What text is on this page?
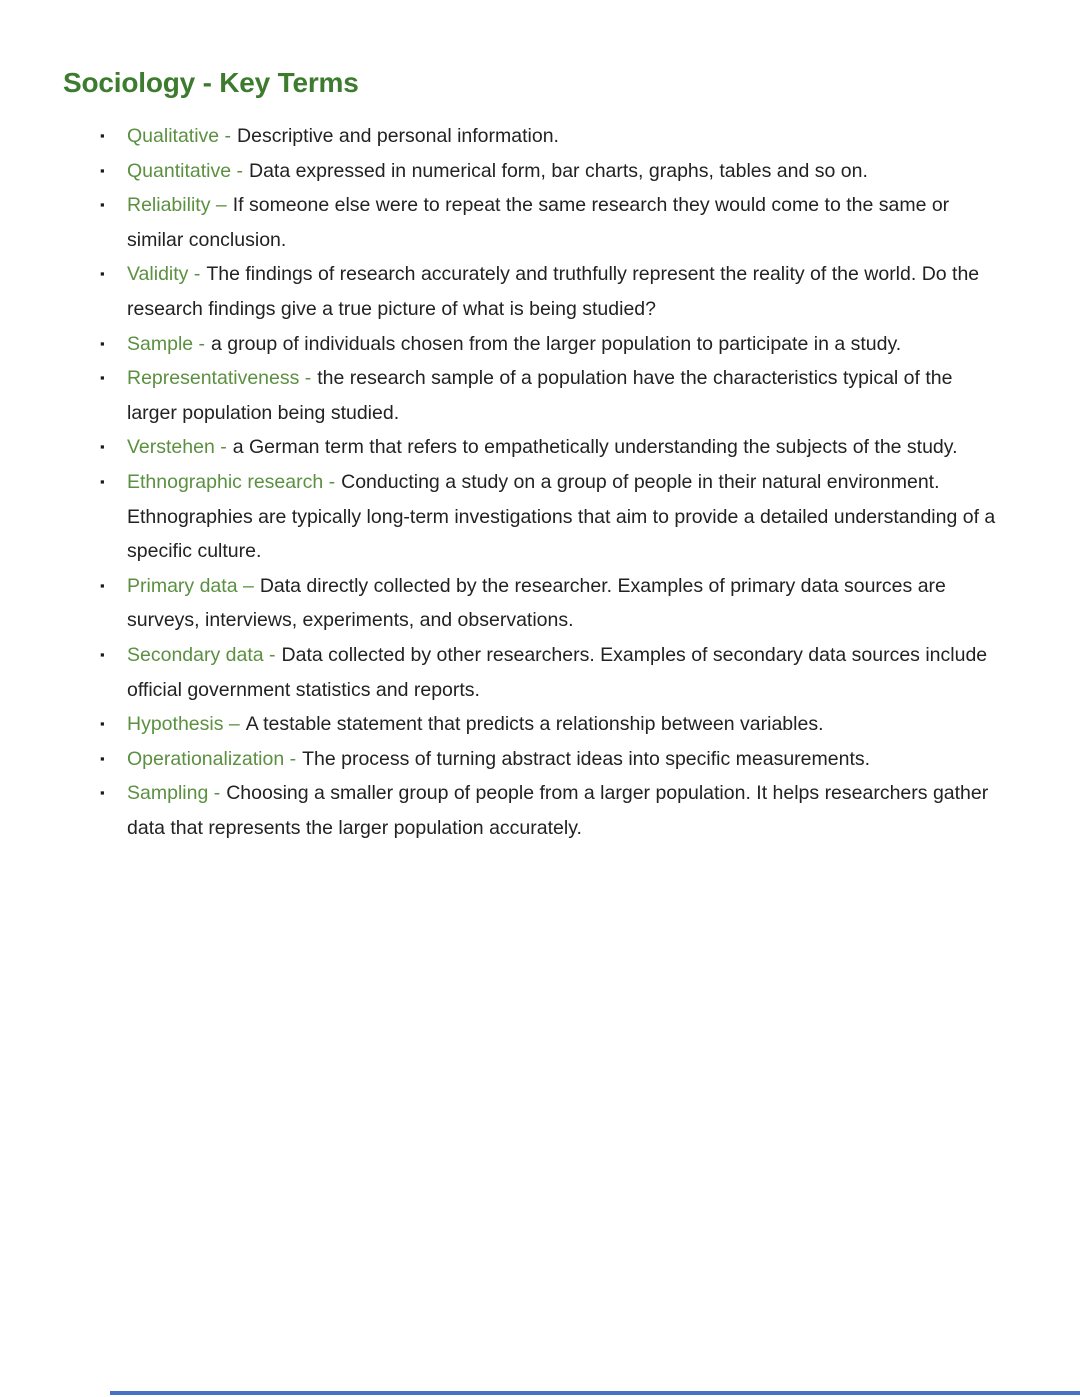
Sociology - Key Terms
▪ Qualitative - Descriptive and personal information.
▪ Quantitative - Data expressed in numerical form, bar charts, graphs, tables and so on.
▪ Reliability – If someone else were to repeat the same research they would come to the same or similar conclusion.
▪ Validity - The findings of research accurately and truthfully represent the reality of the world. Do the research findings give a true picture of what is being studied?
▪ Sample - a group of individuals chosen from the larger population to participate in a study.
▪ Representativeness - the research sample of a population have the characteristics typical of the larger population being studied.
▪ Verstehen - a German term that refers to empathetically understanding the subjects of the study.
▪ Ethnographic research - Conducting a study on a group of people in their natural environment. Ethnographies are typically long-term investigations that aim to provide a detailed understanding of a specific culture.
▪ Primary data – Data directly collected by the researcher. Examples of primary data sources are surveys, interviews, experiments, and observations.
▪ Secondary data - Data collected by other researchers. Examples of secondary data sources include official government statistics and reports.
▪ Hypothesis – A testable statement that predicts a relationship between variables.
▪ Operationalization - The process of turning abstract ideas into specific measurements.
▪ Sampling - Choosing a smaller group of people from a larger population. It helps researchers gather data that represents the larger population accurately.
